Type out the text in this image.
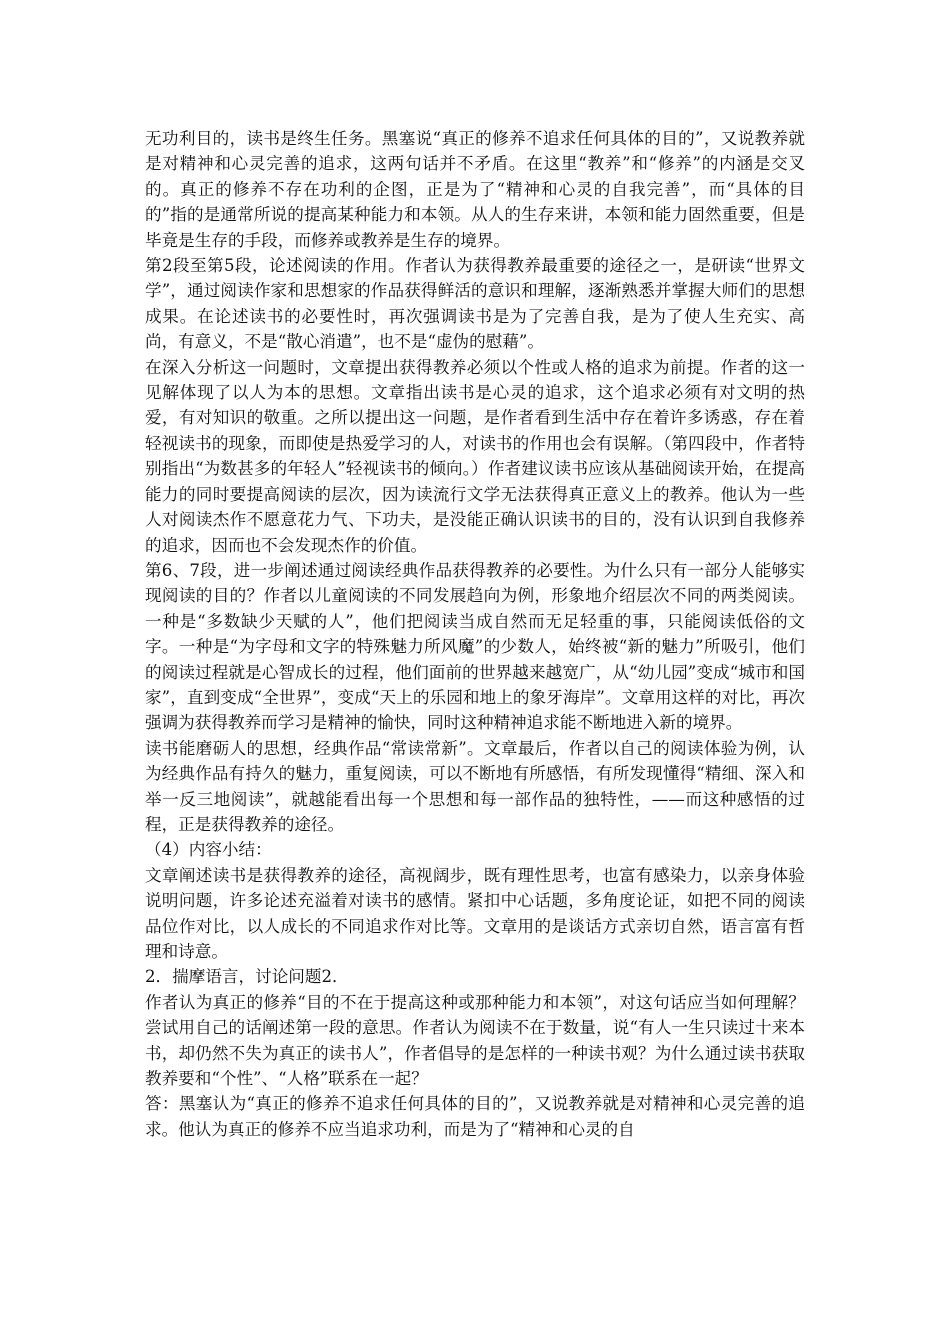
无功利目的，读书是终生任务。黑塞说“真正的修养不追求任何具体的目的”，又说教养就是对精神和心灵完善的追求，这两句话并不矛盾。在这里“教养”和“修养”的内涵是交叉的。真正的修养不存在功利的企图，正是为了“精神和心灵的自我完善”，而“具体的目的”指的是通常所说的提高某种能力和本领。从人的生存来讲，本领和能力固然重要，但是毕竟是生存的手段，而修养或教养是生存的境界。

第2段至第5段，论述阅读的作用。作者认为获得教养最重要的途径之一，是研读“世界文学”，通过阅读作家和思想家的作品获得鲜活的意识和理解，逐渐熟悉并掌握大师们的思想成果。在论述读书的必要性时，再次强调读书是为了完善自我，是为了使人生充实、高尚，有意义，不是“散心消遣”，也不是“虚伪的慰藉”。

在深入分析这一问题时，文章提出获得教养必须以个性或人格的追求为前提。作者的这一见解体现了以人为本的思想。文章指出读书是心灵的追求，这个追求必须有对文明的热爱，有对知识的敬重。之所以提出这一问题，是作者看到生活中存在着许多诱惑，存在着轻视读书的现象，而即使是热爱学习的人，对读书的作用也会有误解。（第四段中，作者特别指出“为数甚多的年轻人”轻视读书的倾向。）作者建议读书应该从基础阅读开始，在提高能力的同时要提高阅读的层次，因为读流行文学无法获得真正意义上的教养。他认为一些人对阅读杰作不愿意花力气、下功夫，是没能正确认识读书的目的，没有认识到自我修养的追求，因而也不会发现杰作的价值。

第6、7段，进一步阐述通过阅读经典作品获得教养的必要性。为什么只有一部分人能够实现阅读的目的？作者以儿童阅读的不同发展趋向为例，形象地介绍层次不同的两类阅读。一种是“多数缺少天赋的人”，他们把阅读当成自然而无足轻重的事，只能阅读低俗的文字。一种是“为字母和文字的特殊魅力所风魔”的少数人，始终被“新的魅力”所吸引，他们的阅读过程就是心智成长的过程，他们面前的世界越来越宽广，从“幼儿园”变成“城市和国家”，直到变成“全世界”，变成“天上的乐园和地上的象牙海岸”。文章用这样的对比，再次强调为获得教养而学习是精神的愉快，同时这种精神追求能不断地进入新的境界。

读书能磨砺人的思想，经典作品“常读常新”。文章最后，作者以自己的阅读体验为例，认为经典作品有持久的魅力，重复阅读，可以不断地有所感悟，有所发现懂得“精细、深入和举一反三地阅读”，就越能看出每一个思想和每一部作品的独特性，——而这种感悟的过程，正是获得教养的途径。

（4）内容小结：

文章阐述读书是获得教养的途径，高视阔步，既有理性思考，也富有感染力，以亲身体验说明问题，许多论述充溢着对读书的感情。紧扣中心话题，多角度论证，如把不同的阅读品位作对比，以人成长的不同追求作对比等。文章用的是谈话方式亲切自然，语言富有哲理和诗意。

2．揣摩语言，讨论问题2．

作者认为真正的修养“目的不在于提高这种或那种能力和本领”，对这句话应当如何理解？尝试用自己的话阐述第一段的意思。作者认为阅读不在于数量，说“有人一生只读过十来本书，却仍然不失为真正的读书人”，作者倡导的是怎样的一种读书观？为什么通过读书获取教养要和“个性”、“人格”联系在一起？

答：黑塞认为“真正的修养不追求任何具体的目的”，又说教养就是对精神和心灵完善的追求。他认为真正的修养不应当追求功利，而是为了“精神和心灵的自
